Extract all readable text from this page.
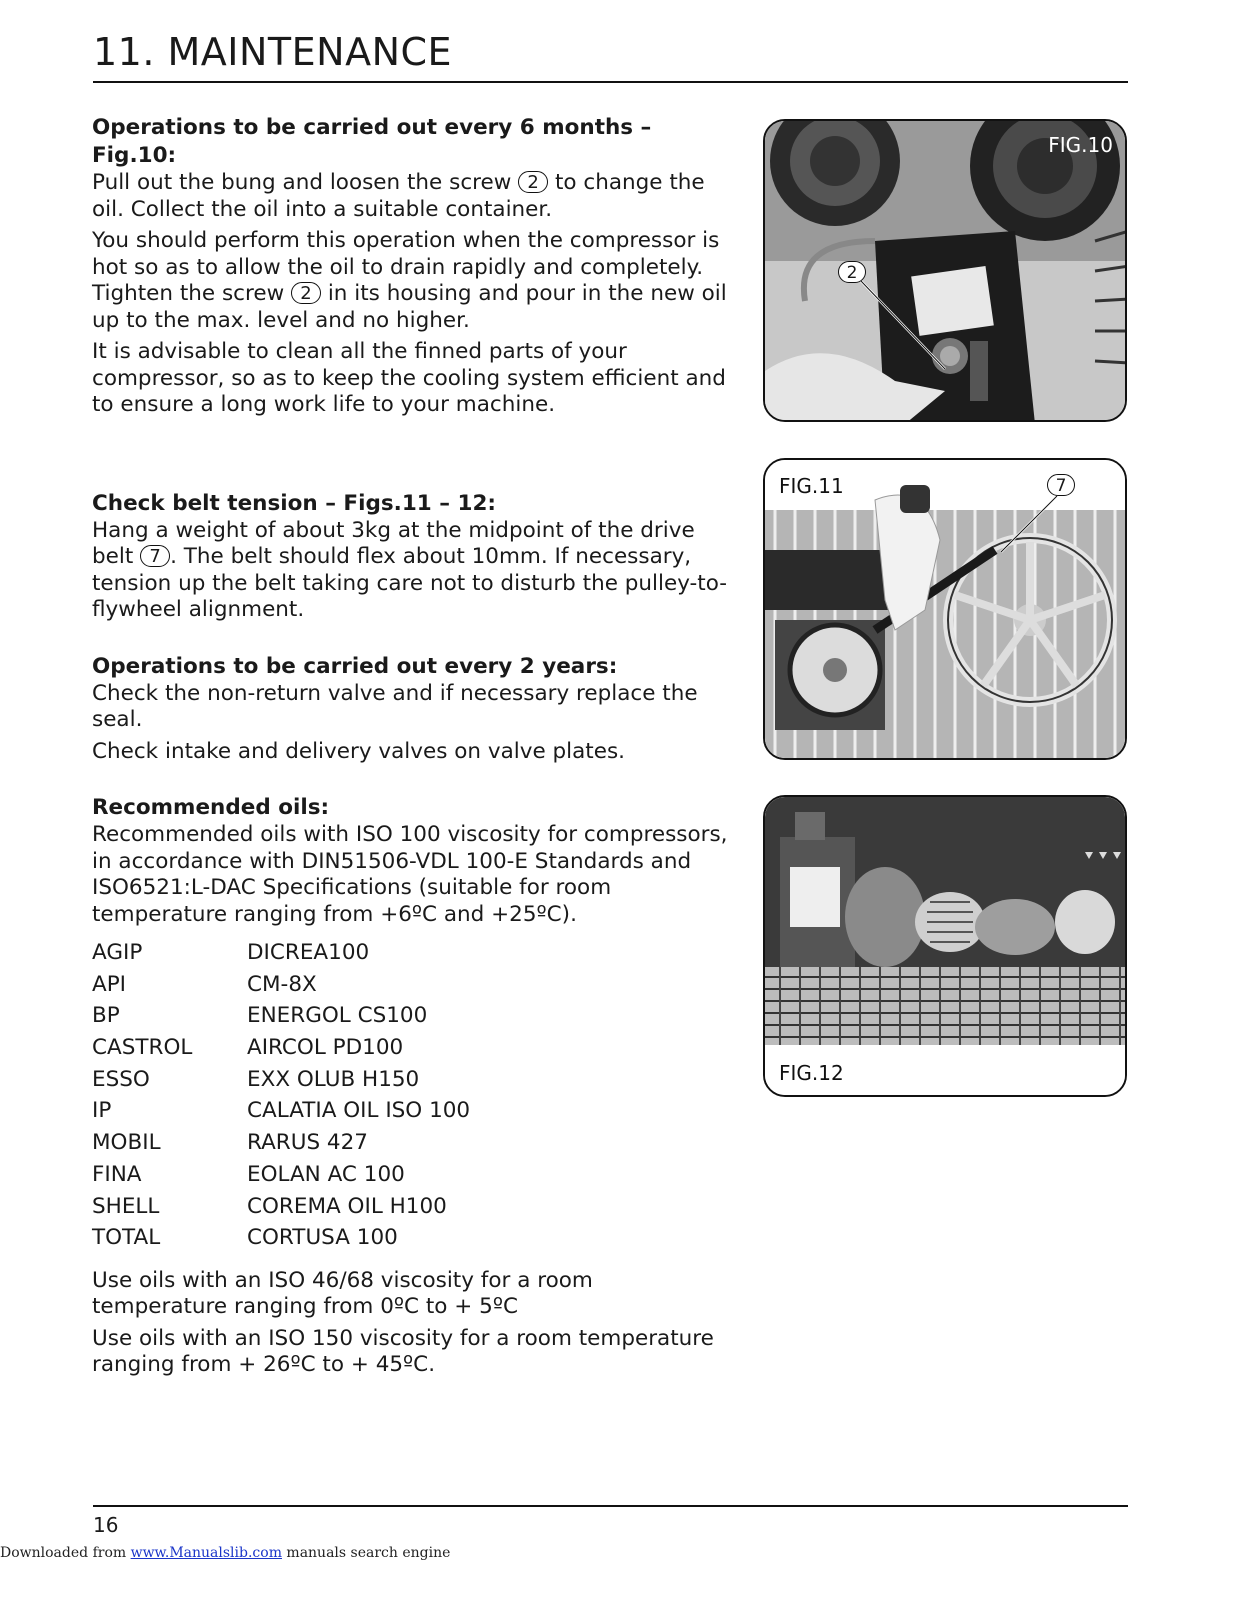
11. MAINTENANCE
Operations to be carried out every 6 months – Fig.10:

Pull out the bung and loosen the screw 2 to change the oil. Collect the oil into a suitable container.

You should perform this operation when the compressor is hot so as to allow the oil to drain rapidly and completely. Tighten the screw 2 in its housing and pour in the new oil up to the max. level and no higher.

It is advisable to clean all the finned parts of your compressor, so as to keep the cooling system efficient and to ensure a long work life to your machine.

Check belt tension – Figs.11 – 12:

Hang a weight of about 3kg at the midpoint of the drive belt 7 . The belt should flex about 10mm. If necessary, tension up the belt taking care not to disturb the pulley-to-flywheel alignment.

Operations to be carried out every 2 years:

Check the non-return valve and if necessary replace the seal.

Check intake and delivery valves on valve plates.

Recommended oils:

Recommended oils with ISO 100 viscosity for compressors, in accordance with DIN51506-VDL 100-E Standards and ISO6521:L-DAC Specifications (suitable for room temperature ranging from +6ºC and +25ºC).

AGIP	DICREA100
API	CM-8X
BP	ENERGOL CS100
CASTROL	AIRCOL PD100
ESSO	EXX OLUB H150
IP	CALATIA OIL ISO 100
MOBIL	RARUS 427
FINA	EOLAN AC 100
SHELL	COREMA OIL H100
TOTAL	CORTUSA 100

Use oils with an ISO 46/68 viscosity for a room temperature ranging from 0ºC to + 5ºC

Use oils with an ISO 150 viscosity for a room temperature ranging from + 26ºC to + 45ºC.

FIG.10
2
FIG.11	7
FIG.12
16
Downloaded from www.Manualslib.com manuals search engine
